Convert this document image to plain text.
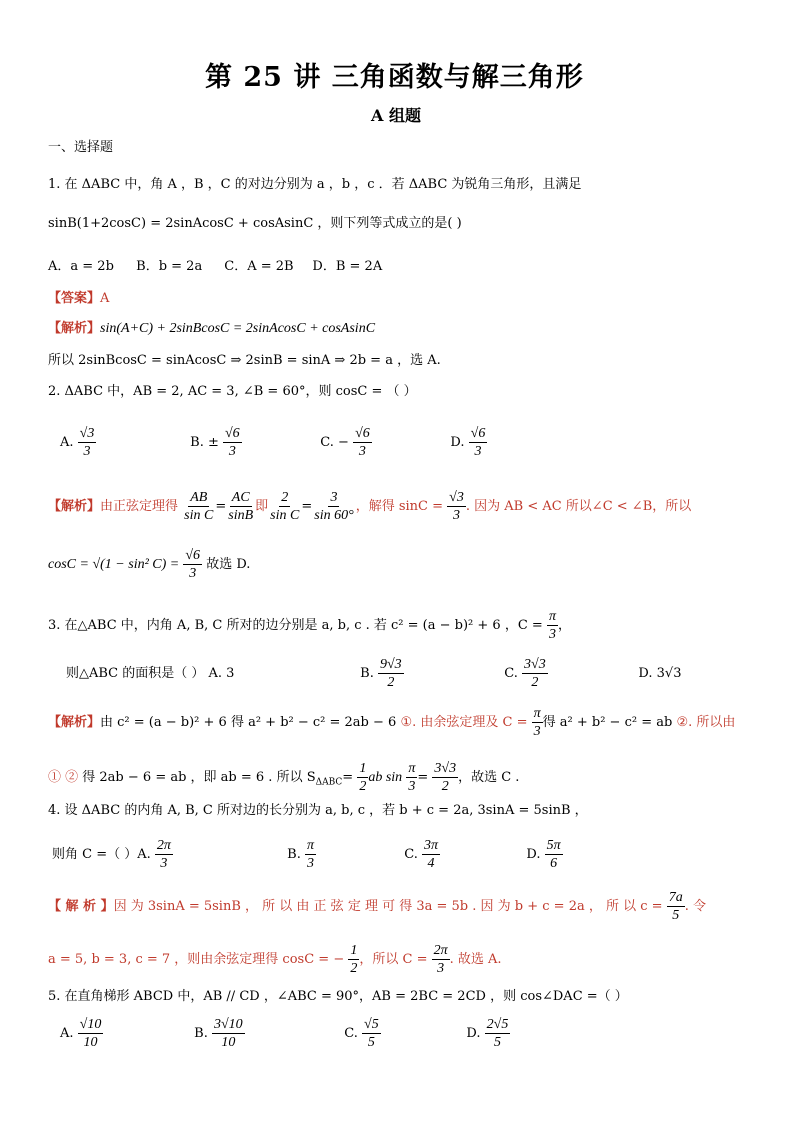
第 25 讲 三角函数与解三角形
A 组题
一、选择题
1. 在 ΔABC 中，角 A ，B ，C 的对边分别为 a ，b ，c ．若 ΔABC 为锐角三角形，且满足
sinB(1+2cosC) = 2sinAcosC + cosAsinC ，则下列等式成立的是( )
A．a = 2b B．b = 2a C．A = 2B D．B = 2A
【答案】A
【解析】sin(A+C) + 2sinBcosC = 2sinAcosC + cosAsinC
所以 2sinBcosC = sinAcosC ⇒ 2sinB = sinA ⇒ 2b = a ，选 A.
2. ΔABC 中，AB = 2, AC = 3, ∠B = 60°，则 cosC = （ ）
A. $\frac{√3}{3}$	B. ± $\frac{√6}{3}$	C. − $\frac{√6}{3}$	D. $\frac{√6}{3}$
【解析】由正弦定理得 $\frac{AB}{\text{sin C}} = \frac{AC}{\sin B}$ 即 $\frac{2}{\text{sin C}} = \frac{3}{\sin 60^\circ}$ ，解得 $\sin C = \frac{√3}{3}$ . 因为 AB < AC 所以∠C < ∠B，所以
cosC = √(1 − sin² $C) = \frac{√6}{3}$ 故选 D.
3. 在△ABC 中，内角 A, B, C 所对的边分别是 a, b, c . 若 c² = (a − b)² + 6 ，$C = \frac{\pi}{3}$ ，
则△ABC 的面积是（ ） A. 3	B. $\frac{9√3}{2}$	C. $\frac{3√3}{2}$	D. 3√3
【解析】由 c² = (a − b)² + 6 得 a² + b² − c² = 2ab − 6 ①. 由余弦定理及 $C = \frac{\pi}{3}$ 得 a² + b² − c² = ab ②. 所以由
① ② 得 2ab − 6 = ab ，即 ab = 6 . 所以 $S_{\Delta ABC}= \frac{1}{2}$ ab $\sin \frac{\pi}{3} = \frac{3√3}{2}$ ，故选 C .
4. 设 ΔABC 的内角 A, B, C 所对边的长分别为 a, b, c ，若 b + c = 2a, 3sinA = 5sinB ，
则角 C =（ ）A. $\frac{2\pi}{3}$	B. $\frac{\pi}{3}$	C. $\frac{3\pi}{4}$	D. $\frac{5\pi}{6}$
【 解 析 】因 为 3sinA = 5sinB ， 所 以 由 正 弦 定 理 可 得 3a = 5b . 因 为 b + c = 2a ， 所 以 $c = \frac{7a}{5}$ . 令
a = 5, b = 3, c = 7 ，则由余弦定理得 cosC = − $\frac{1}{2}$ ，所以 $C = \frac{2\pi}{3}$ . 故选 A.
5. 在直角梯形 ABCD 中，AB // CD ，∠ABC = 90°，AB = 2BC = 2CD ，则 cos∠DAC =（ ）
A. $\frac{√10}{10}$	B. $\frac{3√10}{10}$	C. $\frac{√5}{5}$	D. $\frac{2√5}{5}$
